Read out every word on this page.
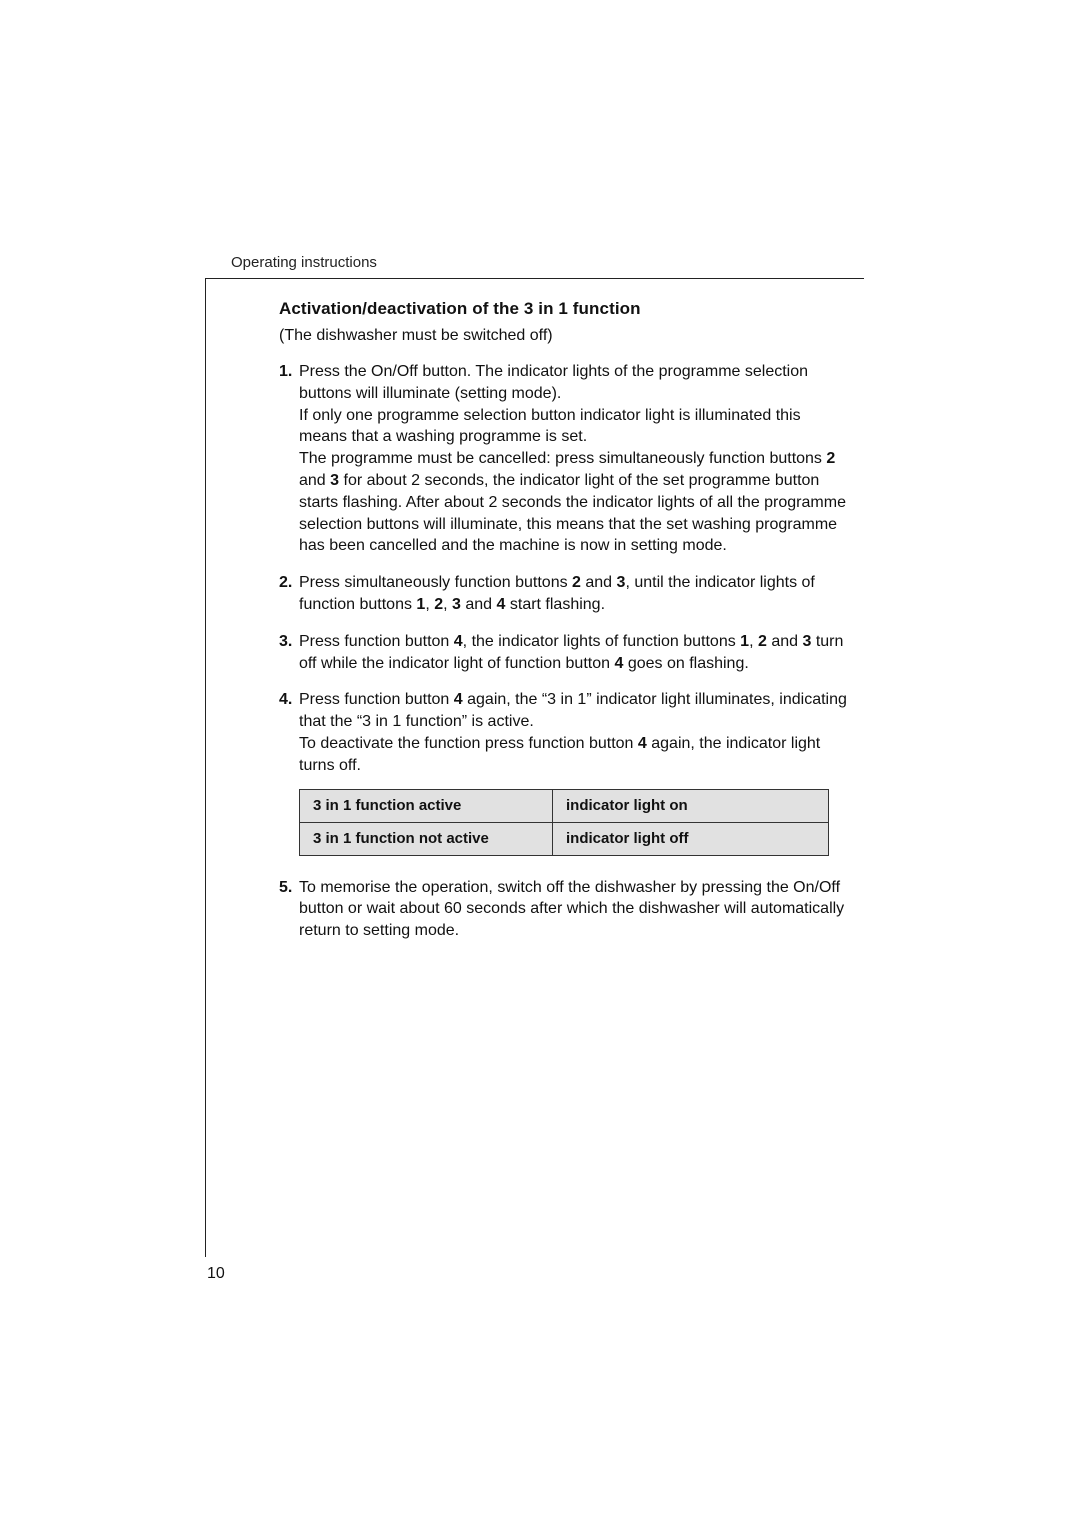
Operating instructions
Activation/deactivation of the 3 in 1 function
(The dishwasher must be switched off)
1. Press the On/Off button. The indicator lights of the programme selection buttons will illuminate (setting mode).
If only one programme selection button indicator light is illuminated this means that a washing programme is set.
The programme must be cancelled: press simultaneously function buttons 2 and 3 for about 2 seconds, the indicator light of the set programme button starts flashing. After about 2 seconds the indicator lights of all the programme selection buttons will illuminate, this means that the set washing programme has been cancelled and the machine is now in setting mode.
2. Press simultaneously function buttons 2 and 3, until the indicator lights of function buttons 1, 2, 3 and 4 start flashing.
3. Press function button 4, the indicator lights of function buttons 1, 2 and 3 turn off while the indicator light of function button 4 goes on flashing.
4. Press function button 4 again, the “3 in 1” indicator light illuminates, indicating that the “3 in 1 function” is active.
To deactivate the function press function button 4 again, the indicator light turns off.
3 in 1 function active	indicator light on
3 in 1 function not active	indicator light off
5. To memorise the operation, switch off the dishwasher by pressing the On/Off button or wait about 60 seconds after which the dishwasher will automatically return to setting mode.
10
